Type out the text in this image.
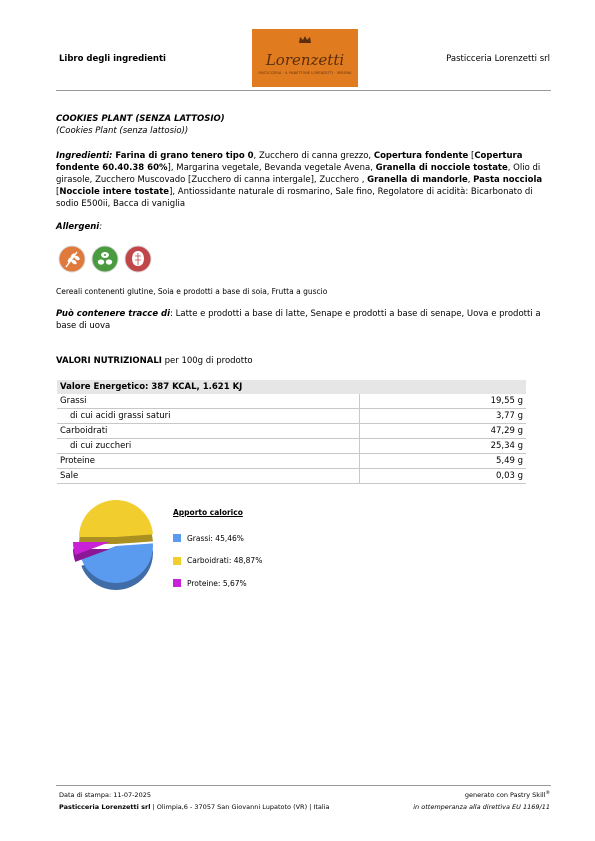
Libro degli ingredienti	Lorenzetti
PASTICCERIA · IL PANETTONE LORENZETTI · VERONA
Pasticceria Lorenzetti srl
COOKIES PLANT (SENZA LATTOSIO)
(Cookies Plant (senza lattosio))
Ingredienti: Farina di grano tenero tipo 0, Zucchero di canna grezzo, Copertura fondente [Copertura fondente 60.40.38 60%], Margarina vegetale, Bevanda vegetale Avena, Granella di nocciole tostate, Olio di girasole, Zucchero Muscovado [Zucchero di canna intergale], Zucchero , Granella di mandorle, Pasta nocciola [Nocciole intere tostate], Antiossidante naturale di rosmarino, Sale fino, Regolatore di acidità: Bicarbonato di sodio E500ii, Bacca di vaniglia
Allergeni:
Cereali contenenti glutine, Soia e prodotti a base di soia, Frutta a guscio
Può contenere tracce di: Latte e prodotti a base di latte, Senape e prodotti a base di senape, Uova e prodotti a base di uova
VALORI NUTRIZIONALI per 100g di prodotto
Valore Energetico: 387 KCAL, 1.621 KJ	
Grassi	19,55 g
di cui acidi grassi saturi	3,77 g
Carboidrati	47,29 g
di cui zuccheri	25,34 g
Proteine	5,49 g
Sale	0,03 g
Apporto calorico
Grassi: 45,46%
Carboidrati: 48,87%
Proteine: 5,67%
Data di stampa: 11-07-2025
Pasticceria Lorenzetti srl | Olimpia,6 - 37057 San Giovanni Lupatoto (VR) | Italia
generato con Pastry Skill®
in ottemperanza alla direttiva EU 1169/11
